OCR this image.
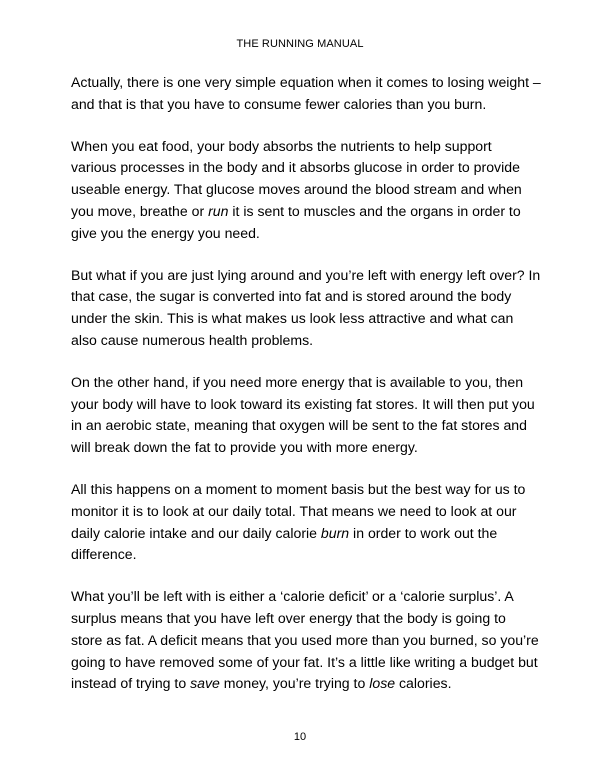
THE RUNNING MANUAL

Actually, there is one very simple equation when it comes to losing weight – and that is that you have to consume fewer calories than you burn.

When you eat food, your body absorbs the nutrients to help support various processes in the body and it absorbs glucose in order to provide useable energy. That glucose moves around the blood stream and when you move, breathe or run it is sent to muscles and the organs in order to give you the energy you need.

But what if you are just lying around and you’re left with energy left over? In that case, the sugar is converted into fat and is stored around the body under the skin. This is what makes us look less attractive and what can also cause numerous health problems.

On the other hand, if you need more energy that is available to you, then your body will have to look toward its existing fat stores. It will then put you in an aerobic state, meaning that oxygen will be sent to the fat stores and will break down the fat to provide you with more energy.

All this happens on a moment to moment basis but the best way for us to monitor it is to look at our daily total. That means we need to look at our daily calorie intake and our daily calorie burn in order to work out the difference.

What you’ll be left with is either a ‘calorie deficit’ or a ‘calorie surplus’. A surplus means that you have left over energy that the body is going to store as fat. A deficit means that you used more than you burned, so you’re going to have removed some of your fat. It’s a little like writing a budget but instead of trying to save money, you’re trying to lose calories.

10
